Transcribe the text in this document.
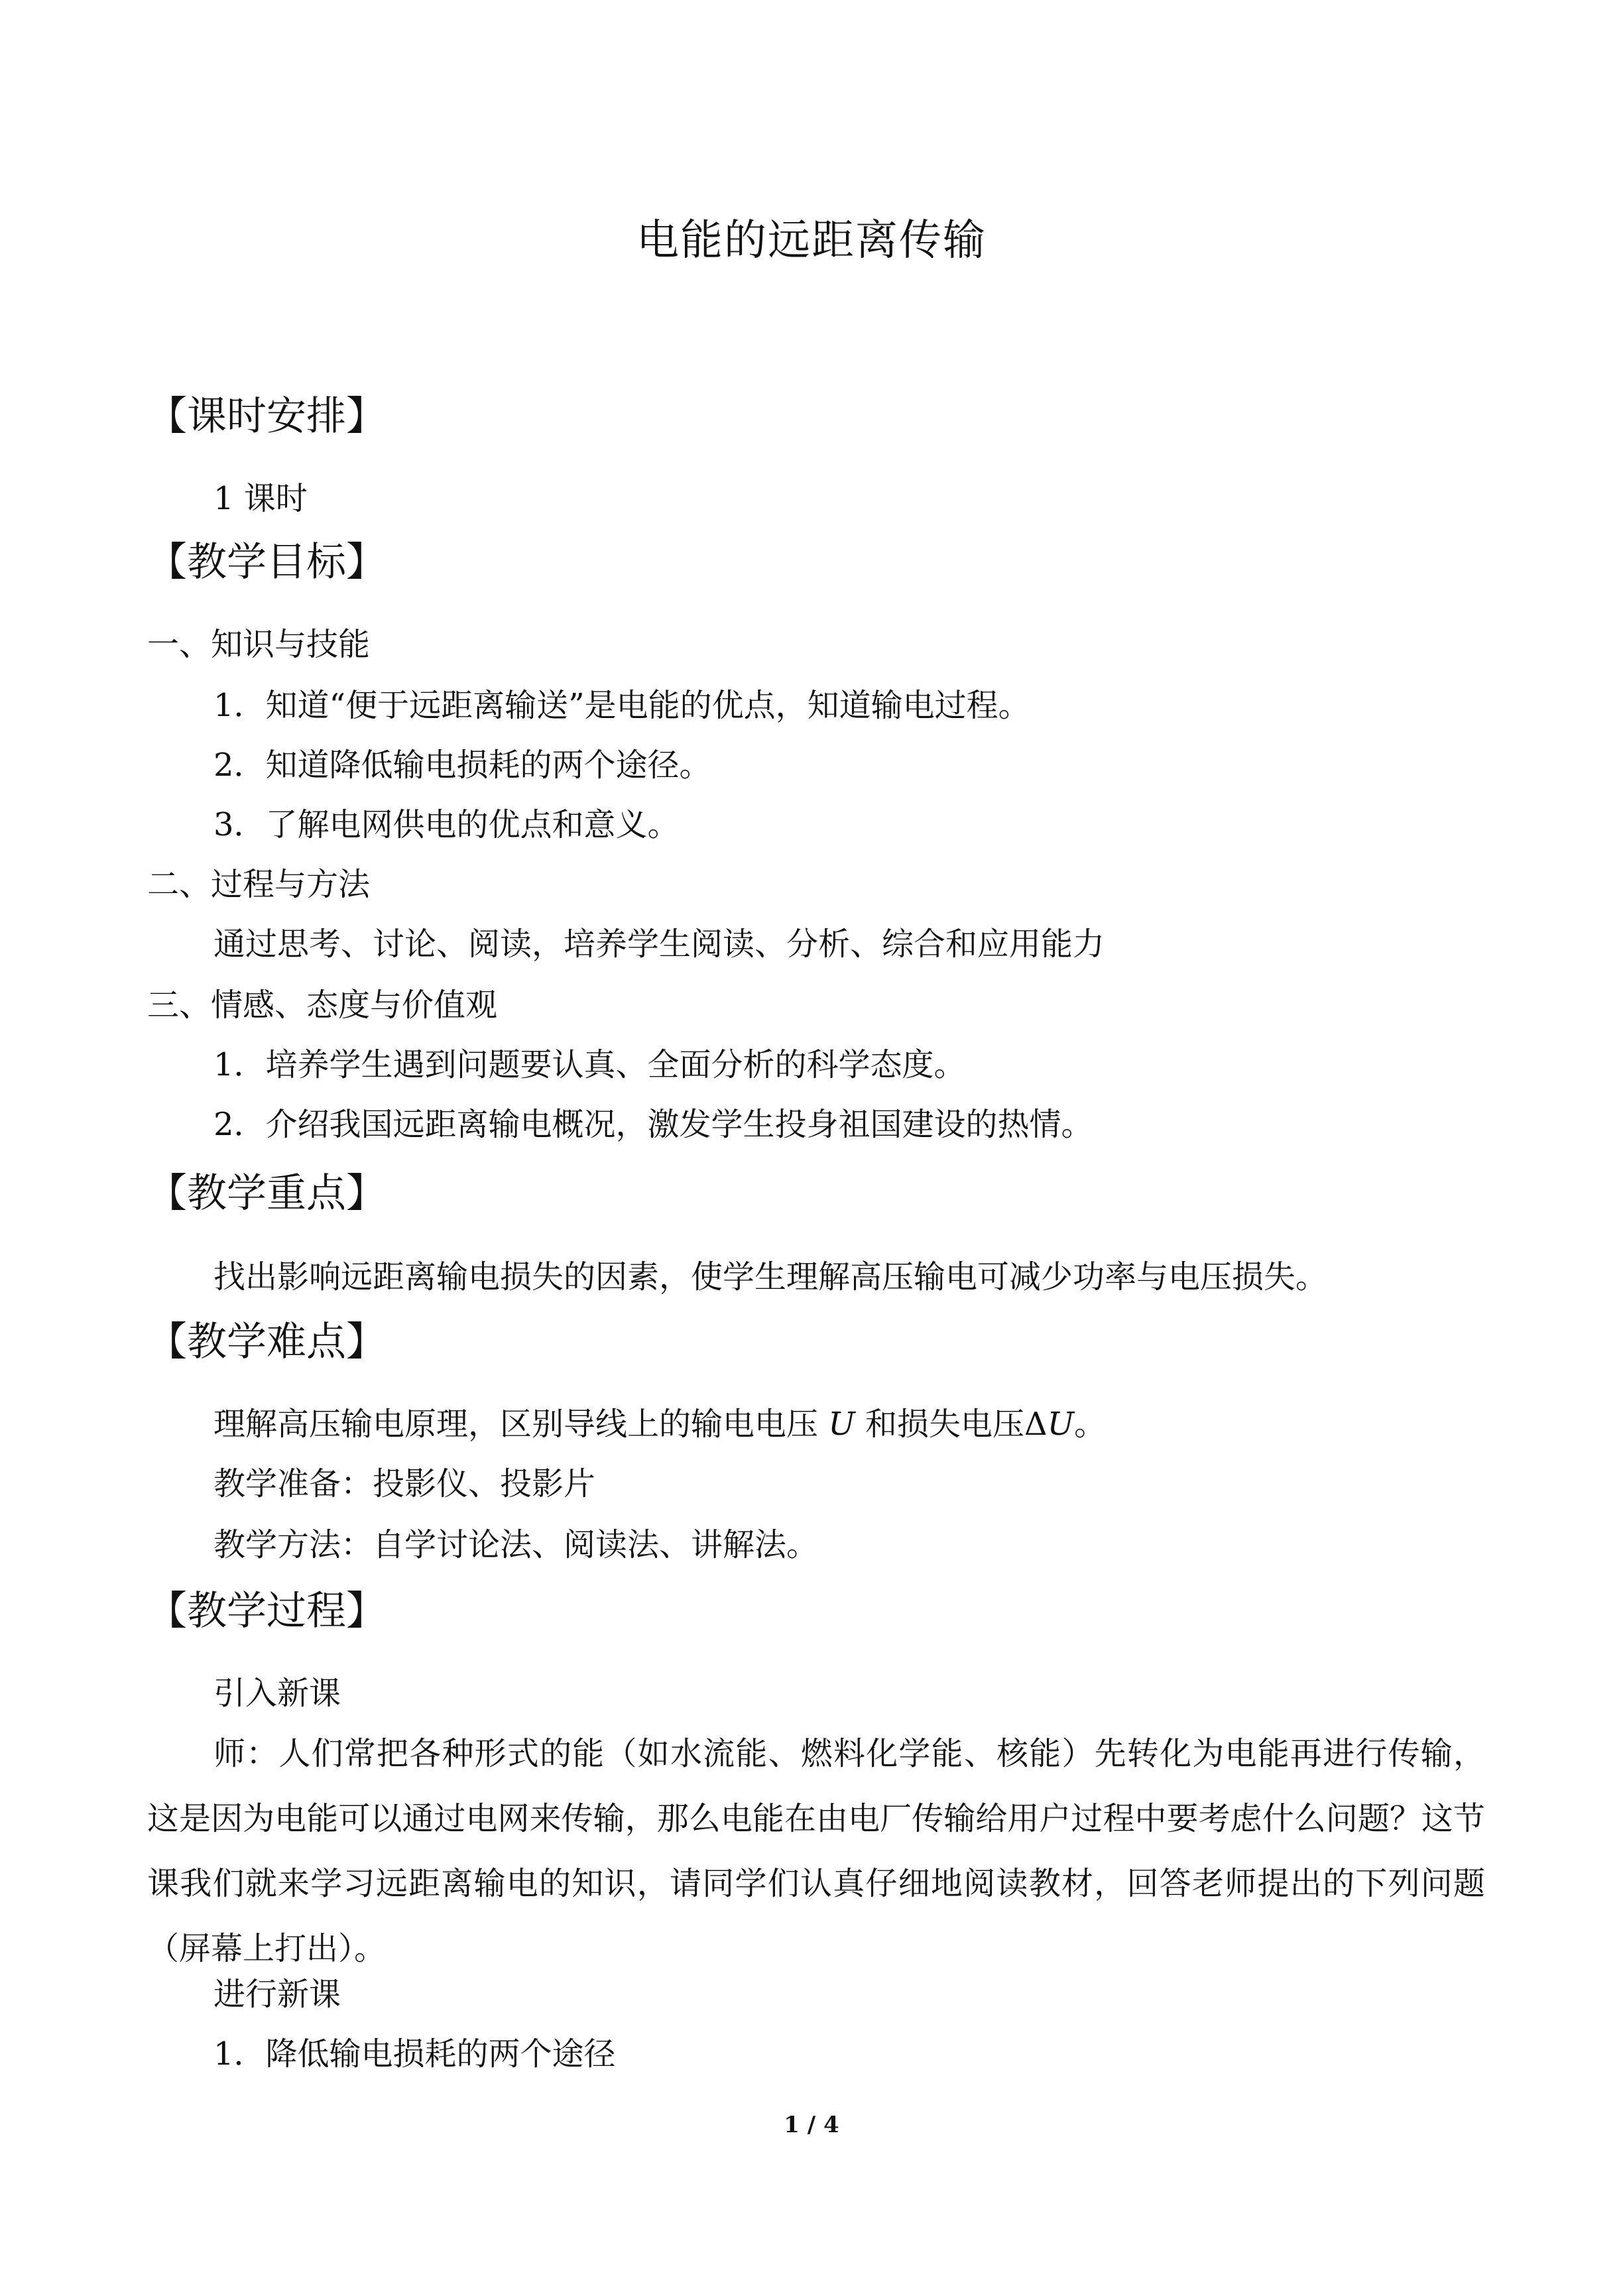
电能的远距离传输
【课时安排】
1 课时
【教学目标】
一、知识与技能
1．知道“便于远距离输送”是电能的优点，知道输电过程。
2．知道降低输电损耗的两个途径。
3．了解电网供电的优点和意义。
二、过程与方法
通过思考、讨论、阅读，培养学生阅读、分析、综合和应用能力
三、情感、态度与价值观
1．培养学生遇到问题要认真、全面分析的科学态度。
2．介绍我国远距离输电概况，激发学生投身祖国建设的热情。
【教学重点】
找出影响远距离输电损失的因素，使学生理解高压输电可减少功率与电压损失。
【教学难点】
理解高压输电原理，区别导线上的输电电压 U 和损失电压ΔU。
教学准备：投影仪、投影片
教学方法：自学讨论法、阅读法、讲解法。
【教学过程】
引入新课
师：人们常把各种形式的能（如水流能、燃料化学能、核能）先转化为电能再进行传输，这是因为电能可以通过电网来传输，那么电能在由电厂传输给用户过程中要考虑什么问题？这节课我们就来学习远距离输电的知识，请同学们认真仔细地阅读教材，回答老师提出的下列问题（屏幕上打出）。
进行新课
1．降低输电损耗的两个途径
1 / 4
